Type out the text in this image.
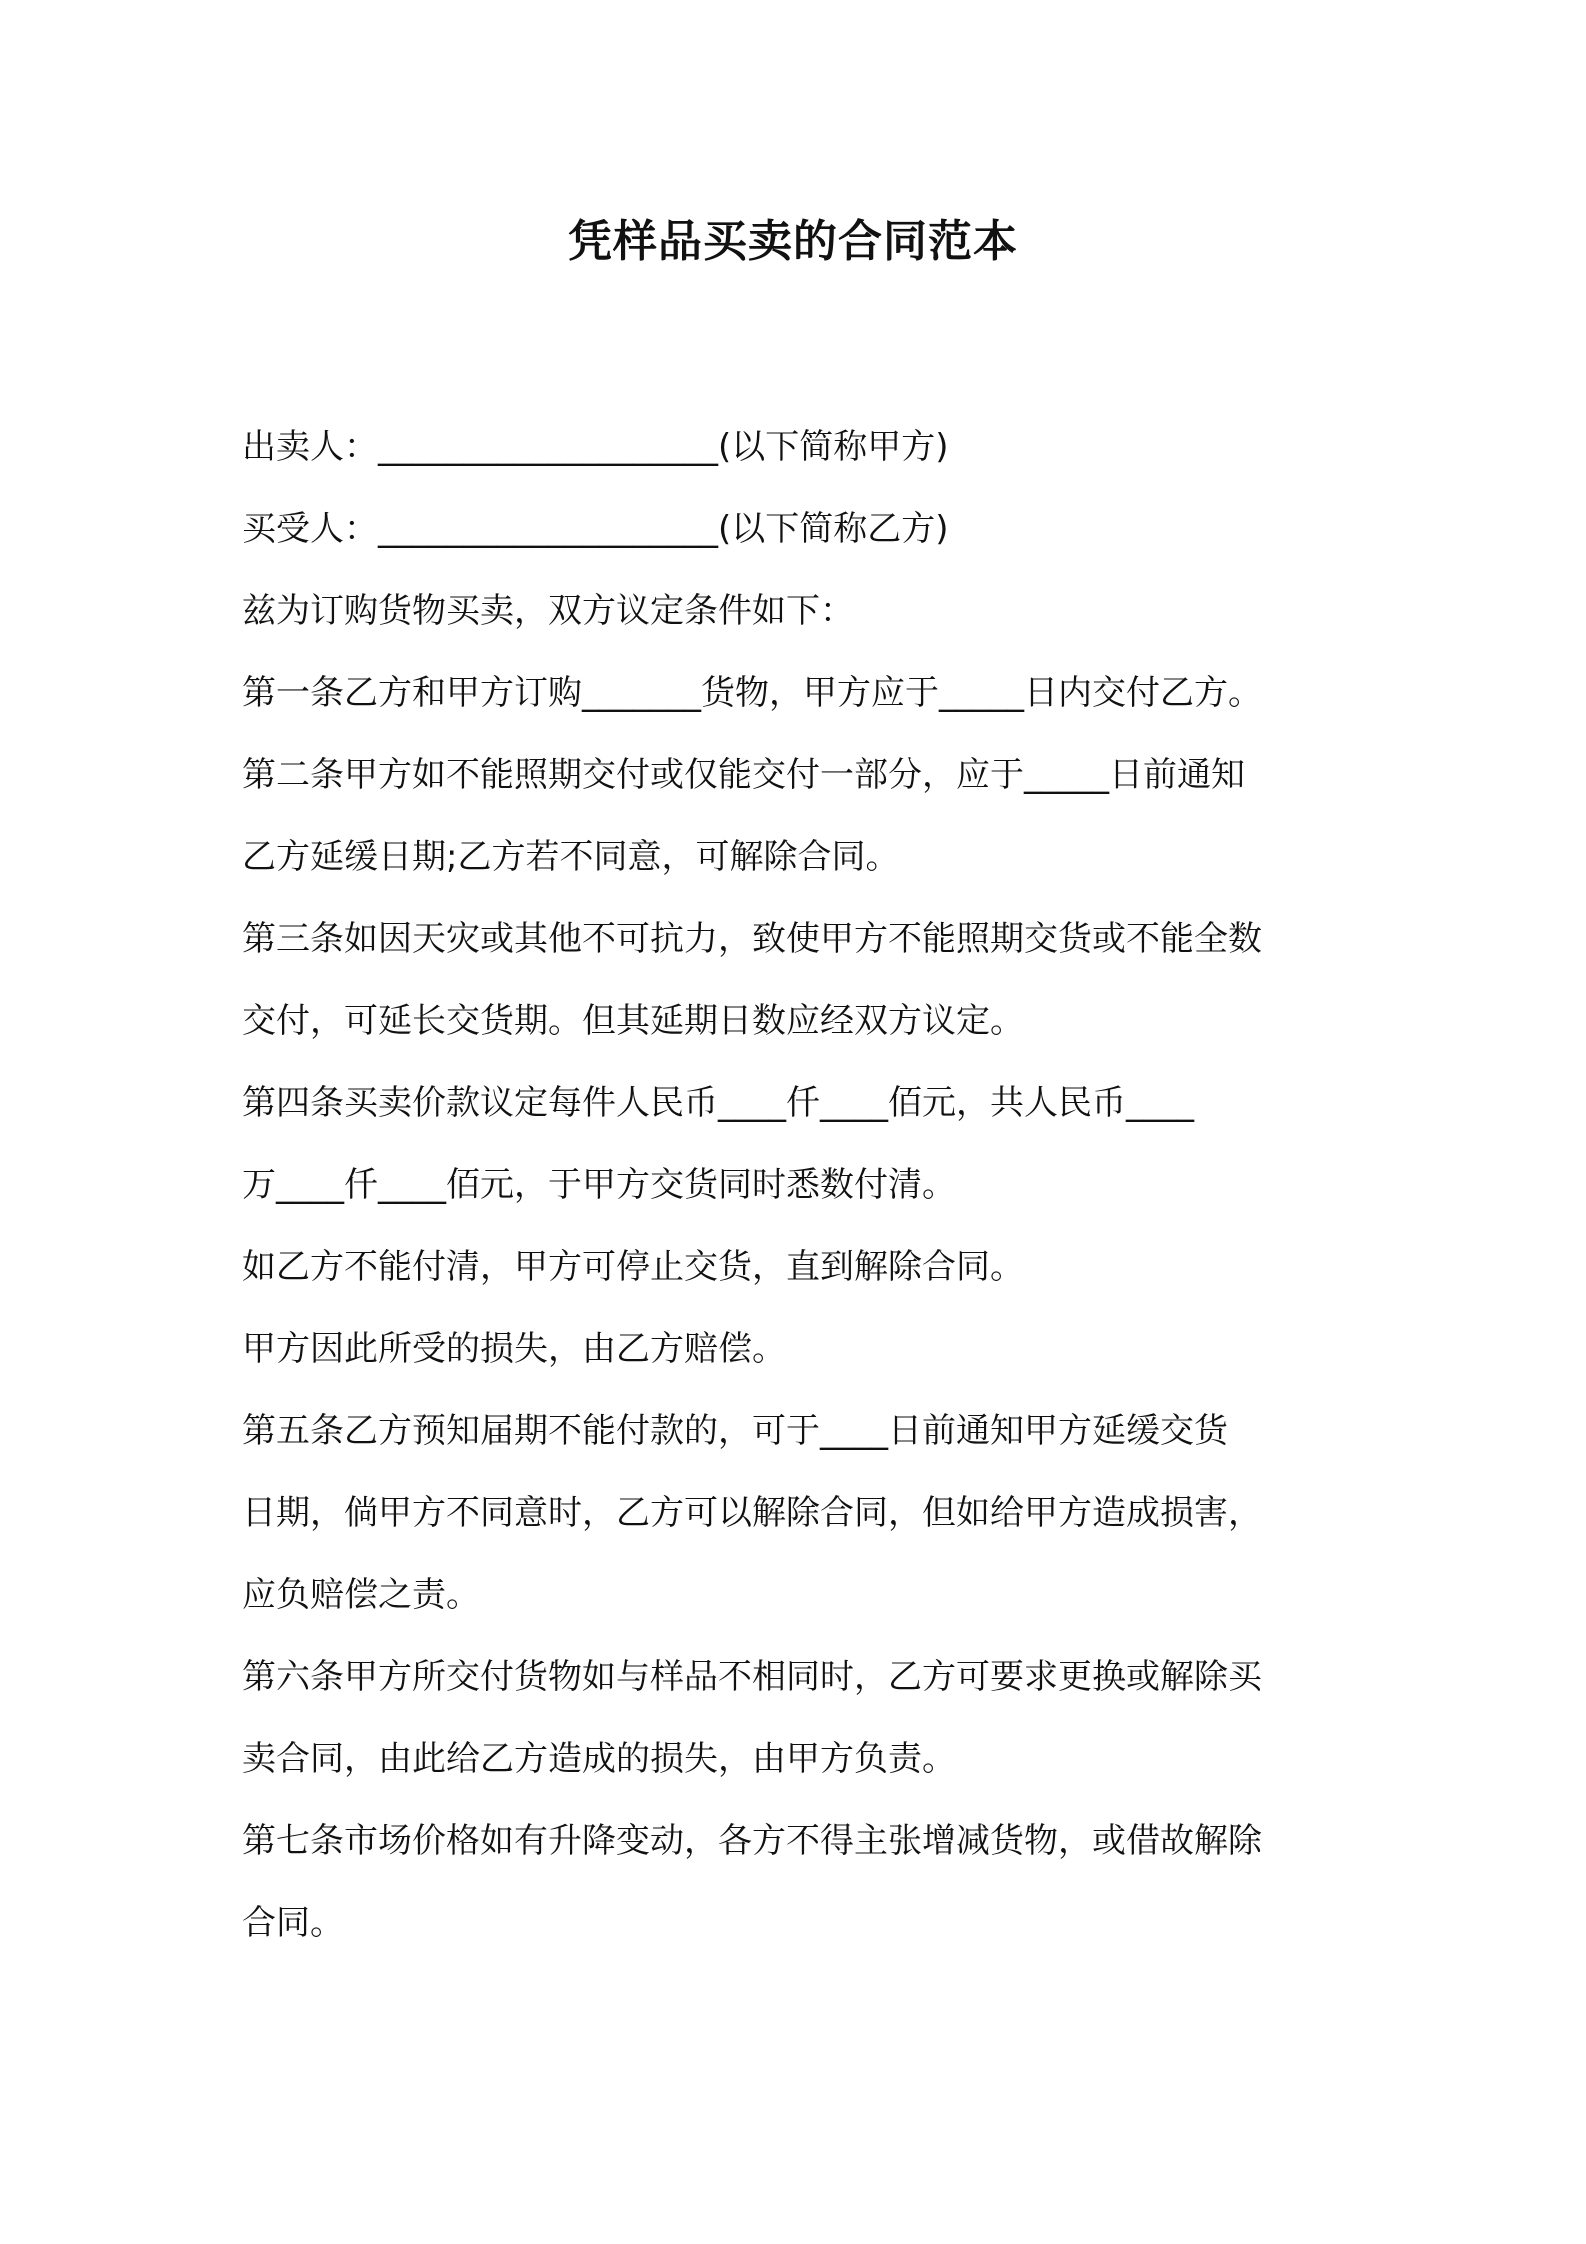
凭样品买卖的合同范本
出卖人：____________________(以下简称甲方)
买受人：____________________(以下简称乙方)
兹为订购货物买卖，双方议定条件如下：
第一条乙方和甲方订购_______货物，甲方应于_____日内交付乙方。
第二条甲方如不能照期交付或仅能交付一部分，应于_____日前通知
乙方延缓日期;乙方若不同意，可解除合同。
第三条如因天灾或其他不可抗力，致使甲方不能照期交货或不能全数
交付，可延长交货期。但其延期日数应经双方议定。
第四条买卖价款议定每件人民币____仟____佰元，共人民币____
万____仟____佰元，于甲方交货同时悉数付清。
如乙方不能付清，甲方可停止交货，直到解除合同。
甲方因此所受的损失，由乙方赔偿。
第五条乙方预知届期不能付款的，可于____日前通知甲方延缓交货
日期，倘甲方不同意时，乙方可以解除合同，但如给甲方造成损害，
应负赔偿之责。
第六条甲方所交付货物如与样品不相同时，乙方可要求更换或解除买
卖合同，由此给乙方造成的损失，由甲方负责。
第七条市场价格如有升降变动，各方不得主张增减货物，或借故解除
合同。
